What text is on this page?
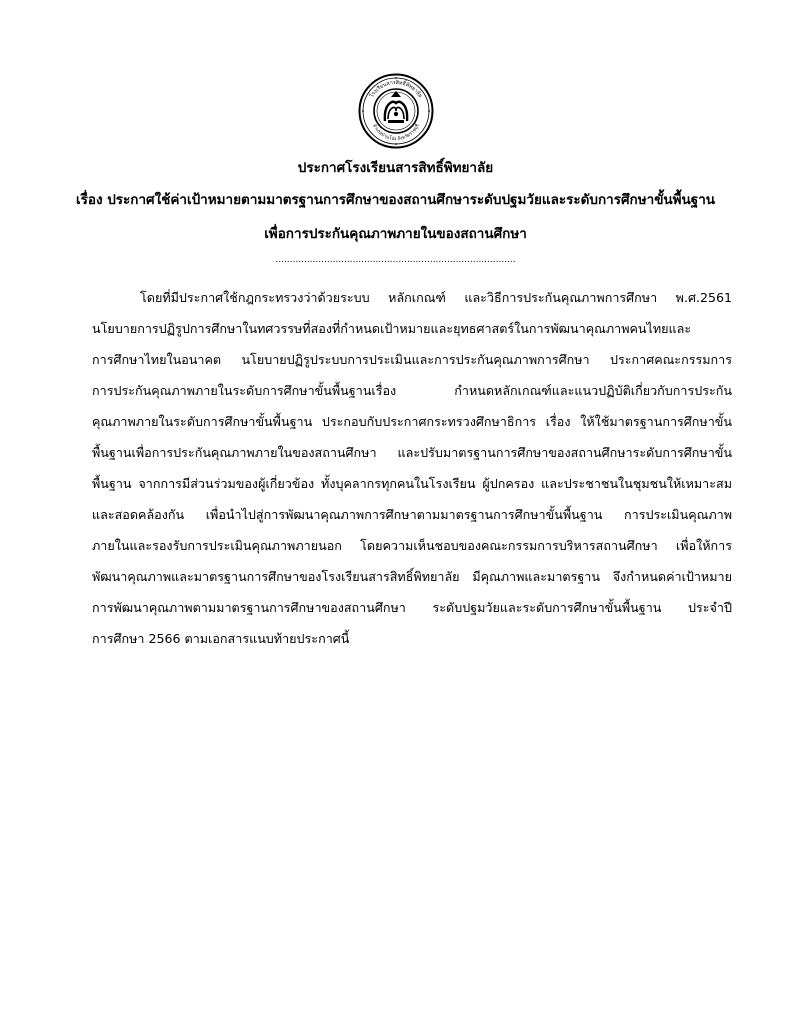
โรงเรียนสารสิทธิ์พิทยาลัย
อำเภอบ้านโป่ง จังหวัดราชบุรี
ประกาศโรงเรียนสารสิทธิ์พิทยาลัย
เรื่อง ประกาศใช้ค่าเป้าหมายตามมาตรฐานการศึกษาของสถานศึกษาระดับปฐมวัยและระดับการศึกษาขั้นพื้นฐาน
เพื่อการประกันคุณภาพภายในของสถานศึกษา
....................................................................................
โดยที่มีประกาศใช้กฎกระทรวงว่าด้วยระบบ หลักเกณฑ์ และวิธีการประกันคุณภาพการศึกษา พ.ศ.2561
นโยบายการปฏิรูปการศึกษาในทศวรรษที่สองที่กำหนดเป้าหมายและยุทธศาสตร์ในการพัฒนาคุณภาพคนไทยและ
การศึกษาไทยในอนาคต นโยบายปฏิรูประบบการประเมินและการประกันคุณภาพการศึกษา ประกาศคณะกรรมการ
การประกันคุณภาพภายในระดับการศึกษาขั้นพื้นฐานเรื่อง กำหนดหลักเกณฑ์และแนวปฏิบัติเกี่ยวกับการประกัน
คุณภาพภายในระดับการศึกษาขั้นพื้นฐาน ประกอบกับประกาศกระทรวงศึกษาธิการ เรื่อง ให้ใช้มาตรฐานการศึกษาขั้น
พื้นฐานเพื่อการประกันคุณภาพภายในของสถานศึกษา และปรับมาตรฐานการศึกษาของสถานศึกษาระดับการศึกษาขั้น
พื้นฐาน จากการมีส่วนร่วมของผู้เกี่ยวข้อง ทั้งบุคลากรทุกคนในโรงเรียน ผู้ปกครอง และประชาชนในชุมชนให้เหมาะสม
และสอดคล้องกัน เพื่อนำไปสู่การพัฒนาคุณภาพการศึกษาตามมาตรฐานการศึกษาขั้นพื้นฐาน การประเมินคุณภาพ
ภายในและรองรับการประเมินคุณภาพภายนอก โดยความเห็นชอบของคณะกรรมการบริหารสถานศึกษา เพื่อให้การ
พัฒนาคุณภาพและมาตรฐานการศึกษาของโรงเรียนสารสิทธิ์พิทยาลัย มีคุณภาพและมาตรฐาน จึงกำหนดค่าเป้าหมาย
การพัฒนาคุณภาพตามมาตรฐานการศึกษาของสถานศึกษา ระดับปฐมวัยและระดับการศึกษาขั้นพื้นฐาน ประจำปี
การศึกษา 2566 ตามเอกสารแนบท้ายประกาศนี้
